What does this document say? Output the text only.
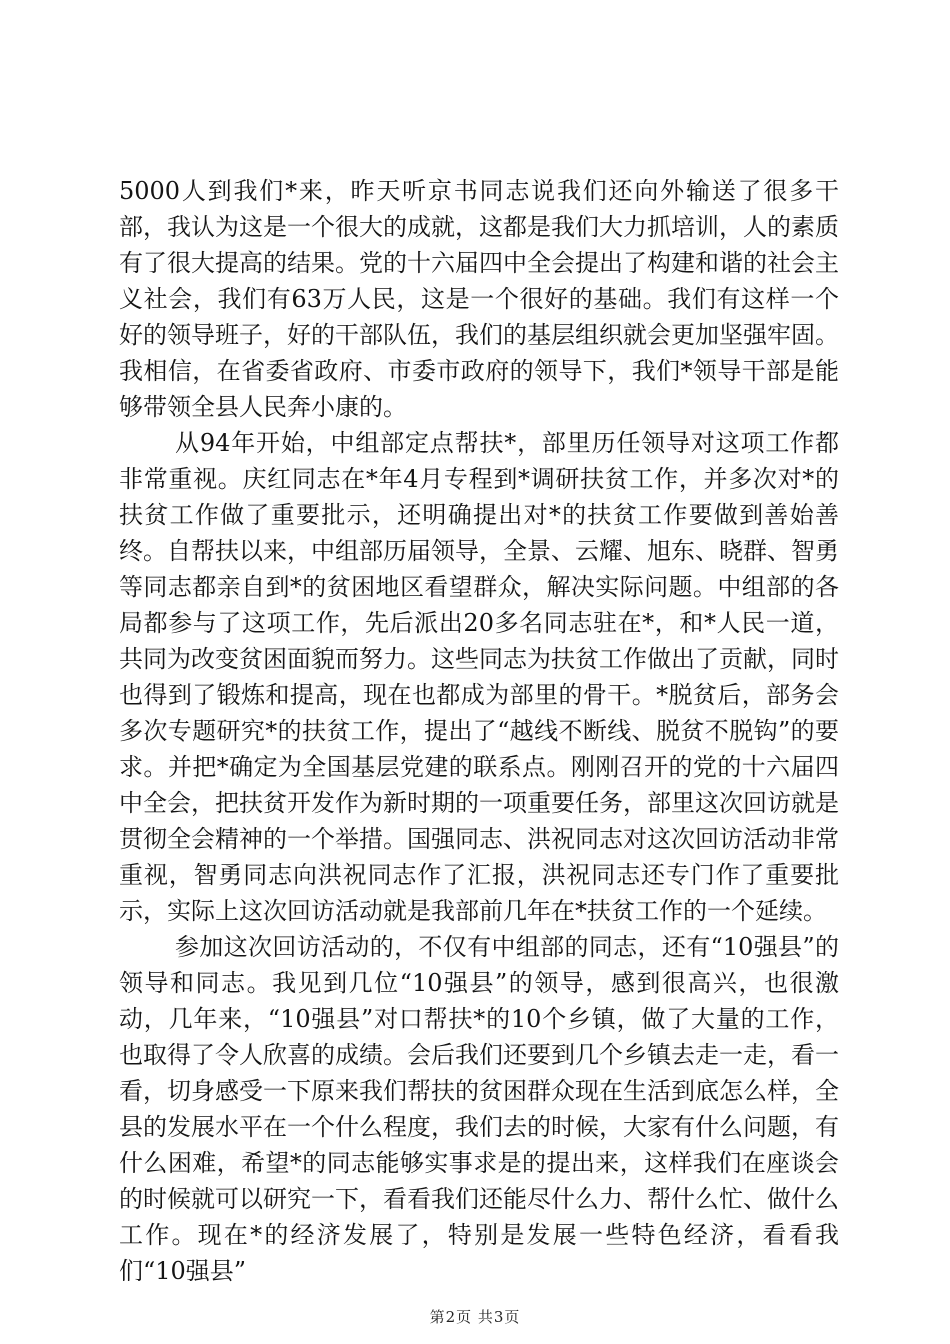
5000人到我们*来，昨天听京书同志说我们还向外输送了很多干部，我认为这是一个很大的成就，这都是我们大力抓培训，人的素质有了很大提高的结果。党的十六届四中全会提出了构建和谐的社会主义社会，我们有63万人民，这是一个很好的基础。我们有这样一个好的领导班子，好的干部队伍，我们的基层组织就会更加坚强牢固。我相信，在省委省政府、市委市政府的领导下，我们*领导干部是能够带领全县人民奔小康的。

从94年开始，中组部定点帮扶*，部里历任领导对这项工作都非常重视。庆红同志在*年4月专程到*调研扶贫工作，并多次对*的扶贫工作做了重要批示，还明确提出对*的扶贫工作要做到善始善终。自帮扶以来，中组部历届领导，全景、云耀、旭东、晓群、智勇等同志都亲自到*的贫困地区看望群众，解决实际问题。中组部的各局都参与了这项工作，先后派出20多名同志驻在*，和*人民一道，共同为改变贫困面貌而努力。这些同志为扶贫工作做出了贡献，同时也得到了锻炼和提高，现在也都成为部里的骨干。*脱贫后，部务会多次专题研究*的扶贫工作，提出了“越线不断线、脱贫不脱钩”的要求。并把*确定为全国基层党建的联系点。刚刚召开的党的十六届四中全会，把扶贫开发作为新时期的一项重要任务，部里这次回访就是贯彻全会精神的一个举措。国强同志、洪祝同志对这次回访活动非常重视，智勇同志向洪祝同志作了汇报，洪祝同志还专门作了重要批示，实际上这次回访活动就是我部前几年在*扶贫工作的一个延续。

参加这次回访活动的，不仅有中组部的同志，还有“10强县”的领导和同志。我见到几位“10强县”的领导，感到很高兴，也很激动，几年来，“10强县”对口帮扶*的10个乡镇，做了大量的工作，也取得了令人欣喜的成绩。会后我们还要到几个乡镇去走一走，看一看，切身感受一下原来我们帮扶的贫困群众现在生活到底怎么样，全县的发展水平在一个什么程度，我们去的时候，大家有什么问题，有什么困难，希望*的同志能够实事求是的提出来，这样我们在座谈会的时候就可以研究一下，看看我们还能尽什么力、帮什么忙、做什么工作。现在*的经济发展了，特别是发展一些特色经济，看看我们“10强县”

第2页 共3页
